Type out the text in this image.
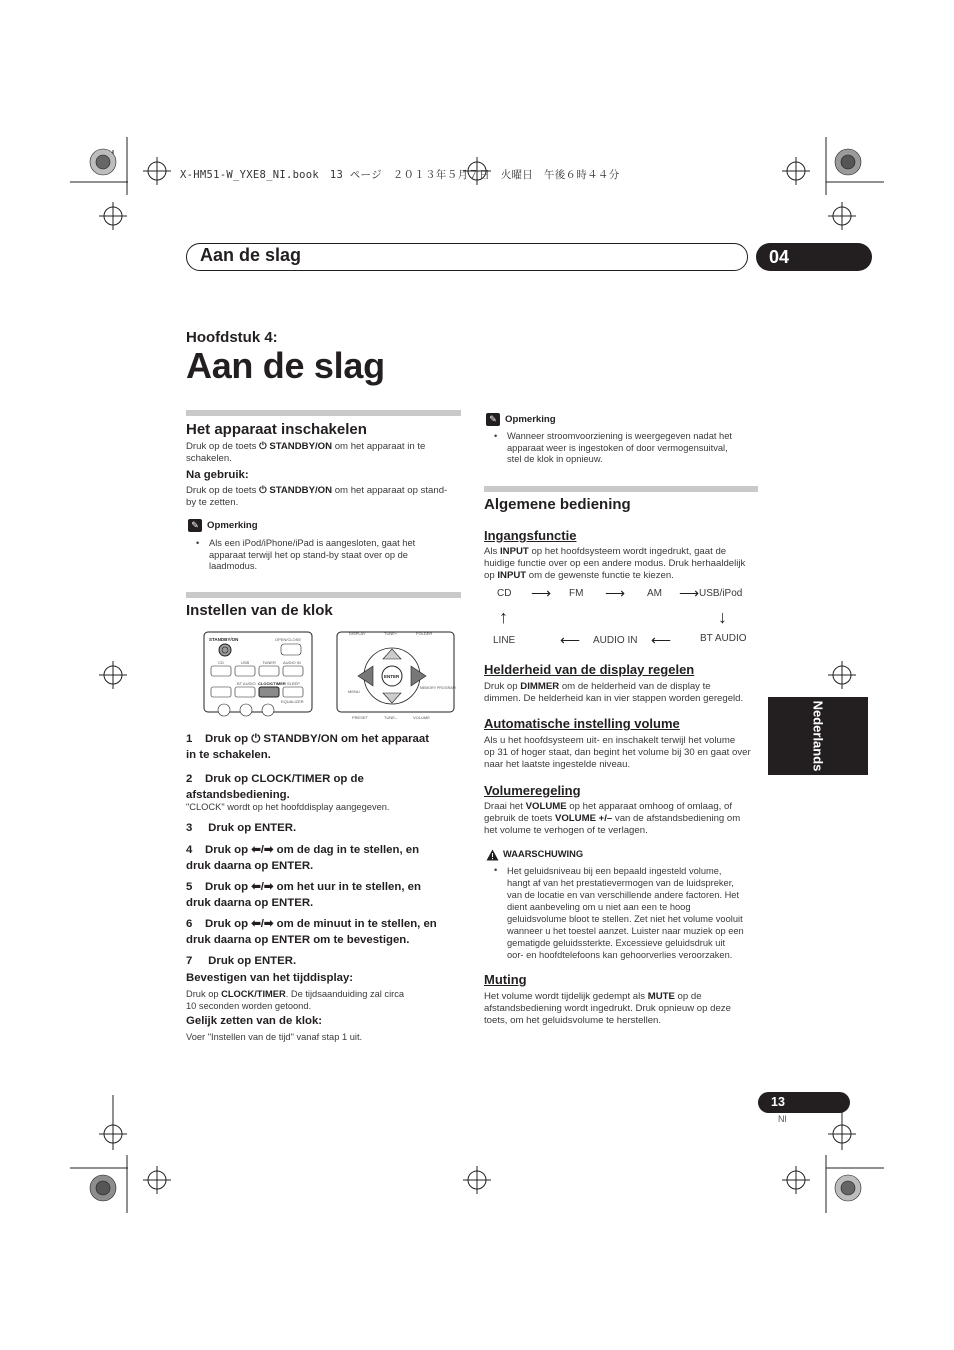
X-HM51-W_YXE8_NI.book　13 ページ　２０１３年５月７日　火曜日　午後６時４４分
Aan de slag	04
Hoofdstuk 4:
Aan de slag
Het apparaat inschakelen
Druk op de toets ⏻ STANDBY/ON om het apparaat in te
schakelen.
Na gebruik:
Druk op de toets ⏻ STANDBY/ON om het apparaat op stand-
by te zetten.
✎ Opmerking
• Als een iPod/iPhone/iPad is aangesloten, gaat het
apparaat terwijl het op stand-by staat over op de
laadmodus.
Instellen van de klok
STANDBY/ON	OPEN/CLOSE
CD	USB	TUNER AUDIO IN
BT AUDIO CLOCK/TIMER SLEEP
EQUALIZER
DISPLAY	TUNE+	FOLDER
ENTER
MENU
MEMORY PROGRAM
PRESET	TUNE–	VOLUME
1 Druk op ⏻ STANDBY/ON om het apparaat
in te schakelen.
2 Druk op CLOCK/TIMER op de
afstandsbediening.
"CLOCK" wordt op het hoofddisplay aangegeven.
3     Druk op ENTER.
4 Druk op ⬅/➡ om de dag in te stellen, en
druk daarna op ENTER.
5 Druk op ⬅/➡ om het uur in te stellen, en
druk daarna op ENTER.
6 Druk op ⬅/➡ om de minuut in te stellen, en
druk daarna op ENTER om te bevestigen.
7     Druk op ENTER.
Bevestigen van het tijddisplay:
Druk op CLOCK/TIMER. De tijdsaanduiding zal circa
10 seconden worden getoond.
Gelijk zetten van de klok:
Voer "Instellen van de tijd" vanaf stap 1 uit.
✎ Opmerking
• Wanneer stroomvoorziening is weergegeven nadat het
apparaat weer is ingestoken of door vermogensuitval,
stel de klok in opnieuw.
Algemene bediening
Ingangsfunctie
Als INPUT op het hoofdsysteem wordt ingedrukt, gaat de
huidige functie over op een andere modus. Druk herhaaldelijk
op INPUT om de gewenste functie te kiezen.
CD ⟶ FM ⟶ AM ⟶ USB/iPod
↑	↓
LINE	⟵ AUDIO IN ⟵	BT AUDIO
Helderheid van de display regelen
Druk op DIMMER om de helderheid van de display te
dimmen. De helderheid kan in vier stappen worden geregeld.
Automatische instelling volume
Als u het hoofdsysteem uit- en inschakelt terwijl het volume
op 31 of hoger staat, dan begint het volume bij 30 en gaat over
naar het laatste ingestelde niveau.
Volumeregeling
Draai het VOLUME op het apparaat omhoog of omlaag, of
gebruik de toets VOLUME +/– van de afstandsbediening om
het volume te verhogen of te verlagen.
WAARSCHUWING
• Het geluidsniveau bij een bepaald ingesteld volume,
hangt af van het prestatievermogen van de luidspreker,
van de locatie en van verschillende andere factoren. Het
dient aanbeveling om u niet aan een te hoog
geluidsvolume bloot te stellen. Zet niet het volume vooluit
wanneer u het toestel aanzet. Luister naar muziek op een
gematigde geluidssterkte. Excessieve geluidsdruk uit
oor- en hoofdtelefoons kan gehoorverlies veroorzaken.
Muting
Het volume wordt tijdelijk gedempt als MUTE op de
afstandsbediening wordt ingedrukt. Druk opnieuw op deze
toets, om het geluidsvolume te herstellen.
Nederlands
13
Nl
